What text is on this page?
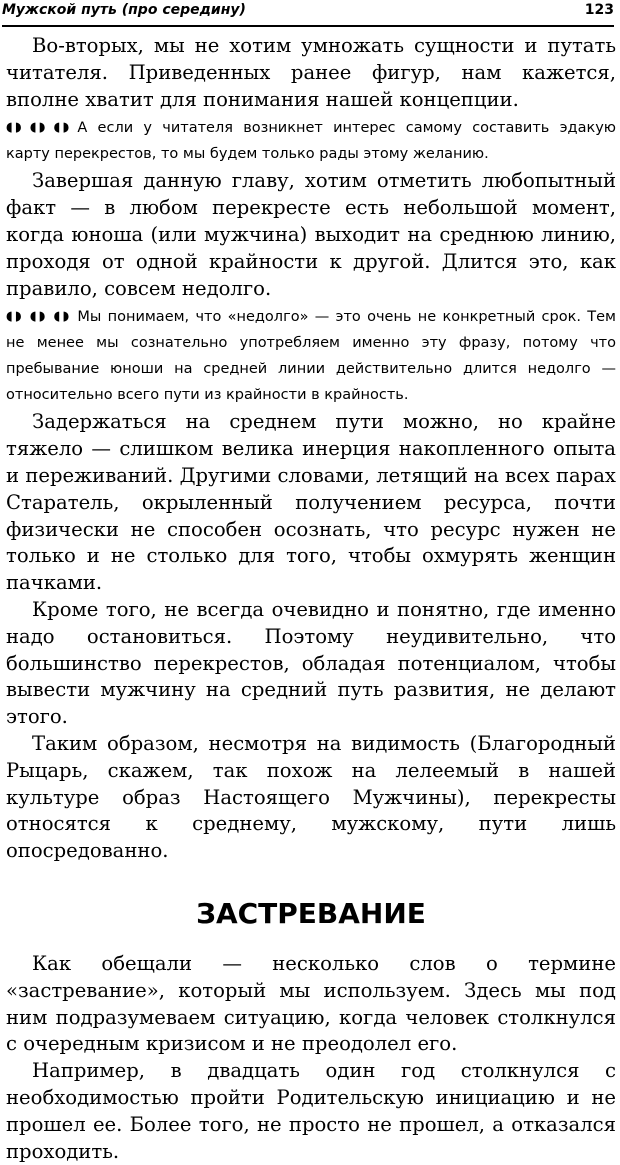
Мужской путь (про середину)	123

Во-вторых, мы не хотим умножать сущности и путать читателя. Приведенных ранее фигур, нам кажется, вполне хватит для понимания нашей концепции.

◖◗ ◖◗ ◖◗ А если у читателя возникнет интерес самому составить эдакую карту перекрестов, то мы будем только рады этому желанию.

Завершая данную главу, хотим отметить любопытный факт — в любом перекресте есть небольшой момент, когда юноша (или мужчина) выходит на среднюю линию, проходя от одной крайности к другой. Длится это, как правило, совсем недолго.

◖◗ ◖◗ ◖◗ Мы понимаем, что «недолго» — это очень не конкретный срок. Тем не менее мы сознательно употребляем именно эту фразу, потому что пребывание юноши на средней линии действительно длится недолго — относительно всего пути из крайности в крайность.

Задержаться на среднем пути можно, но крайне тяжело — слишком велика инерция накопленного опыта и переживаний. Другими словами, летящий на всех парах Старатель, окрыленный получением ресурса, почти физически не способен осознать, что ресурс нужен не только и не столько для того, чтобы охмурять женщин пачками.

Кроме того, не всегда очевидно и понятно, где именно надо остановиться. Поэтому неудивительно, что большинство перекрестов, обладая потенциалом, чтобы вывести мужчину на средний путь развития, не делают этого.

Таким образом, несмотря на видимость (Благородный Рыцарь, скажем, так похож на лелеемый в нашей культуре образ Настоящего Мужчины), перекресты относятся к среднему, мужскому, пути лишь опосредованно.

ЗАСТРЕВАНИЕ

Как обещали — несколько слов о термине «застревание», который мы используем. Здесь мы под ним подразумеваем ситуацию, когда человек столкнулся с очередным кризисом и не преодолел его.

Например, в двадцать один год столкнулся с необходимостью пройти Родительскую инициацию и не прошел ее. Более того, не просто не прошел, а отказался проходить.
